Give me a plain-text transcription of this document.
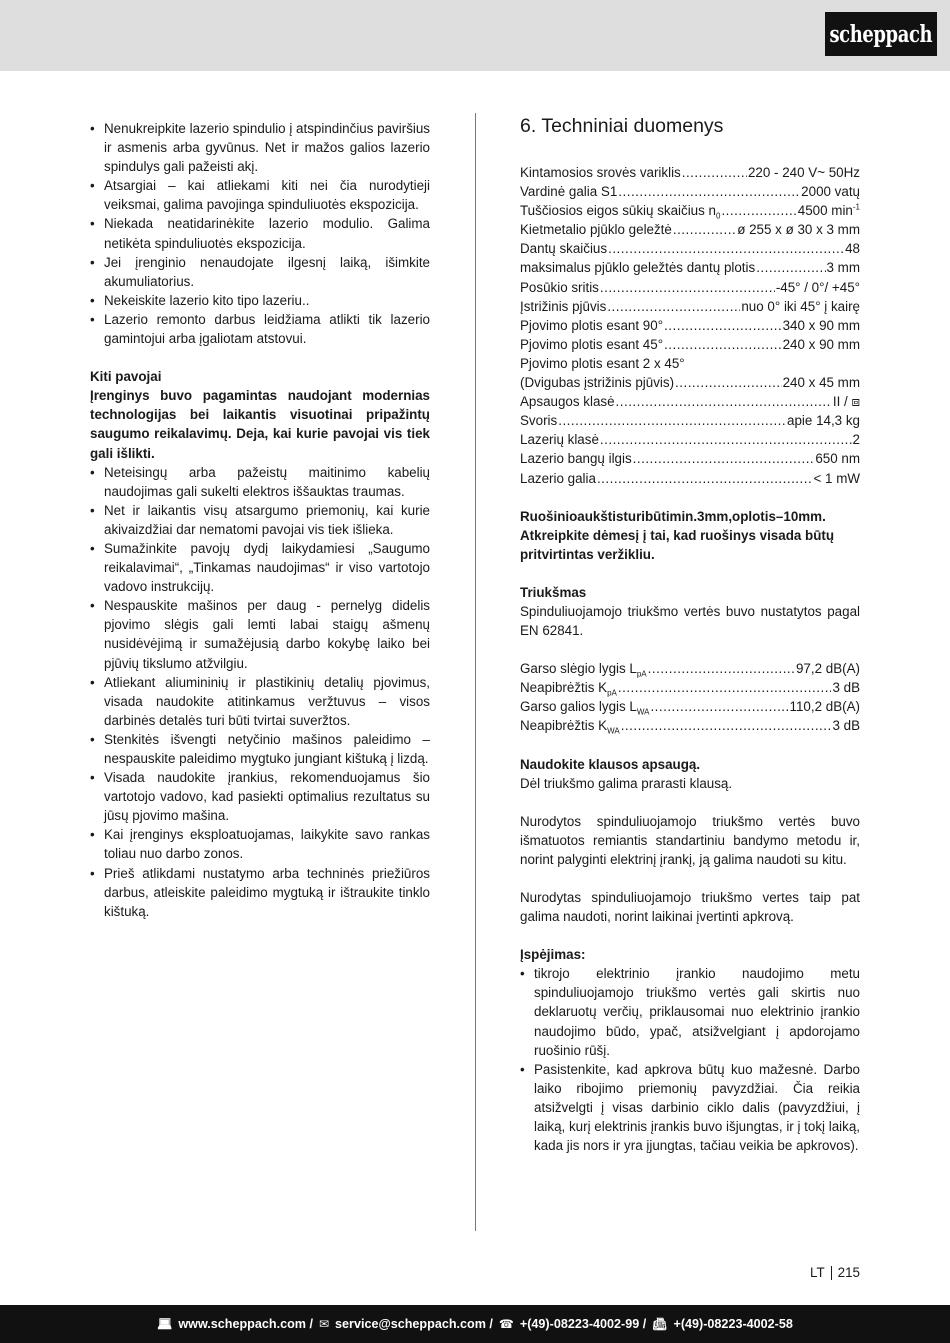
scheppach
• Nenukreipkite lazerio spindulio į atspindinčius paviršius ir asmenis arba gyvūnus. Net ir mažos galios lazerio spindulys gali pažeisti akį.
• Atsargiai – kai atliekami kiti nei čia nurodytieji veiksmai, galima pavojinga spinduliuotės ekspozicija.
• Niekada neatidarinėkite lazerio modulio. Galima netikėta spinduliuotės ekspozicija.
• Jei įrenginio nenaudojate ilgesnį laiką, išimkite akumuliatorius.
• Nekeiskite lazerio kito tipo lazeriu..
• Lazerio remonto darbus leidžiama atlikti tik lazerio gamintojui arba įgaliotam atstovui.
Kiti pavojai
Įrenginys buvo pagamintas naudojant modernias technologijas bei laikantis visuotinai pripažintų saugumo reikalavimų. Deja, kai kurie pavojai vis tiek gali išlikti.
• Neteisingų arba pažeistų maitinimo kabelių naudojimas gali sukelti elektros iššauktas traumas.
• Net ir laikantis visų atsargumo priemonių, kai kurie akivaizdžiai dar nematomi pavojai vis tiek išlieka.
• Sumažinkite pavojų dydį laikydamiesi „Saugumo reikalavimai“, „Tinkamas naudojimas“ ir viso vartotojo vadovo instrukcijų.
• Nespauskite mašinos per daug - pernelyg didelis pjovimo slėgis gali lemti labai staigų ašmenų nusidėvėjimą ir sumažėjusią darbo kokybę laiko bei pjūvių tikslumo atžvilgiu.
• Atliekant aliumininių ir plastikinių detalių pjovimus, visada naudokite atitinkamus veržtuvus – visos darbinės detalės turi būti tvirtai suveržtos.
• Stenkitės išvengti netyčinio mašinos paleidimo – nespauskite paleidimo mygtuko jungiant kištuką į lizdą.
• Visada naudokite įrankius, rekomenduojamus šio vartotojo vadovo, kad pasiekti optimalius rezultatus su jūsų pjovimo mašina.
• Kai įrenginys eksploatuojamas, laikykite savo rankas toliau nuo darbo zonos.
• Prieš atlikdami nustatymo arba techninės priežiūros darbus, atleiskite paleidimo mygtuką ir ištraukite tinklo kištuką.
6. Techniniai duomenys
Kintamosios srovės variklis .....	220 - 240 V~ 50Hz
Vardinė galia S1 .....	2000 vatų
Tuščiosios eigos sūkių skaičius $n_0$ .....	4500 $\min^{-1}$
Kietmetalio pjūklo geležtė .....	ø 255 x ø 30 x 3 mm
Dantų skaičius .....	48
maksimalus pjūklo geležtės dantų plotis .....	3 mm
Posūkio sritis .....	-45° / 0°/ +45°
Įstrižinis pjūvis .....	nuo 0° iki 45° į kairę
Pjovimo plotis esant 90° .....	340 x 90 mm
Pjovimo plotis esant 45° .....	240 x 90 mm
Pjovimo plotis esant 2 x 45°
(Dvigubas įstrižinis pjūvis) .....	240 x 45 mm
Apsaugos klasė .....	II / ⧈
Svoris .....	apie 14,3 kg
Lazerių klasė .....	2
Lazerio bangų ilgis .....	650 nm
Lazerio galia .....	< 1 mW
Ruošinioaukštisturibūtimin.3mm,oplotis–10mm. Atkreipkite dėmesį į tai, kad ruošinys visada būtų pritvirtintas veržikliu.
Triukšmas
Spinduliuojamojo triukšmo vertės buvo nustatytos pagal EN 62841.
Garso slėgio lygis $L_{pA}$ .....	97,2 dB(A)
Neapibrėžtis $K_{pA}$ .....	3 dB
Garso galios lygis $L_{WA}$ .....	110,2 dB(A)
Neapibrėžtis $K_{WA}$ .....	3 dB
Naudokite klausos apsaugą.
Dėl triukšmo galima prarasti klausą.
Nurodytos spinduliuojamojo triukšmo vertės buvo išmatuotos remiantis standartiniu bandymo metodu ir, norint palyginti elektrinį įrankį, ją galima naudoti su kitu.
Nurodytas spinduliuojamojo triukšmo vertes taip pat galima naudoti, norint laikinai įvertinti apkrovą.
Įspėjimas:
• tikrojo elektrinio įrankio naudojimo metu spinduliuojamojo triukšmo vertės gali skirtis nuo deklaruotų verčių, priklausomai nuo elektrinio įrankio naudojimo būdo, ypač, atsižvelgiant į apdorojamo ruošinio rūšį.
• Pasistenkite, kad apkrova būtų kuo mažesnė. Darbo laiko ribojimo priemonių pavyzdžiai. Čia reikia atsižvelgti į visas darbinio ciklo dalis (pavyzdžiui, į laiką, kurį elektrinis įrankis buvo išjungtas, ir į tokį laiką, kada jis nors ir yra įjungtas, tačiau veikia be apkrovos).
LT 215
💻︎ www.scheppach.com / ✉︎ service@scheppach.com / ☎︎ +(49)-08223-4002-99 / 📠︎ +(49)-08223-4002-58
